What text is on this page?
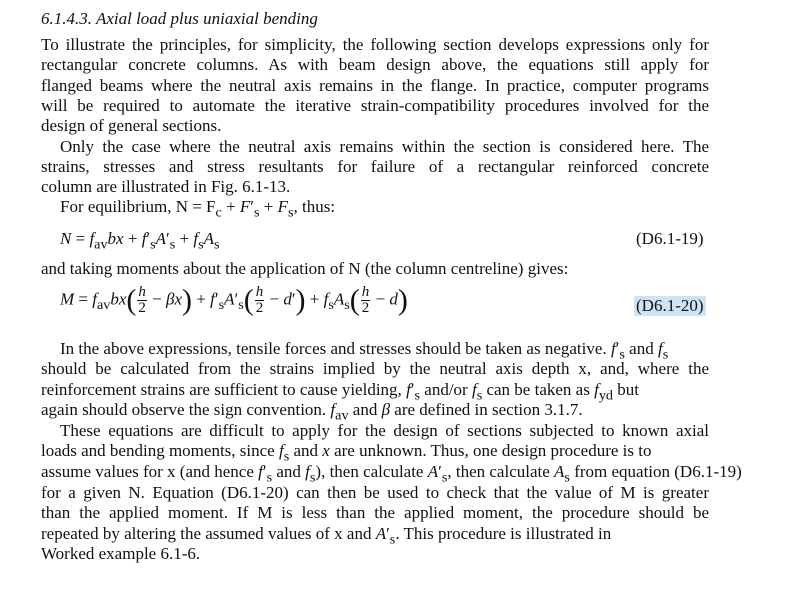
6.1.4.3. Axial load plus uniaxial bending
To illustrate the principles, for simplicity, the following section develops expressions only for
rectangular concrete columns. As with beam design above, the equations still apply for
flanged beams where the neutral axis remains in the flange. In practice, computer programs
will be required to automate the iterative strain-compatibility procedures involved for the
design of general sections.
Only the case where the neutral axis remains within the section is considered here. The
strains, stresses and stress resultants for failure of a rectangular reinforced concrete
column are illustrated in Fig. 6.1-13.
For equilibrium, $N = F_c + F'_s + F_s$, thus:
$N = f_{av}bx + f'_sA'_s + f_sA_s$	(D6.1-19)
and taking moments about the application of N (the column centreline) gives:
$M = f_{av}bx( \frac{h}{2} - \beta x) + f'_sA'_s( \frac{h}{2} - d') + f_sA_s( \frac{h}{2} - d)$	(D6.1-20)
In the above expressions, tensile forces and stresses should be taken as negative. $f'_s$ and $f_s$
should be calculated from the strains implied by the neutral axis depth x, and, where the
reinforcement strains are sufficient to cause yielding, $f'_s$ and/or $f_s$ can be taken as $f_{yd}$ but
again should observe the sign convention. $f_{av}$ and β are defined in section 3.1.7.
These equations are difficult to apply for the design of sections subjected to known axial
loads and bending moments, since $f_s$ and x are unknown. Thus, one design procedure is to
assume values for x (and hence $f'_s$ and $f_s$), then calculate $A'_s$, then calculate $A_s$ from equation (D6.1-19)
for a given N. Equation (D6.1-20) can then be used to check that the value of M is greater
than the applied moment. If M is less than the applied moment, the procedure should be
repeated by altering the assumed values of x and $A'_s$. This procedure is illustrated in
Worked example 6.1-6.
